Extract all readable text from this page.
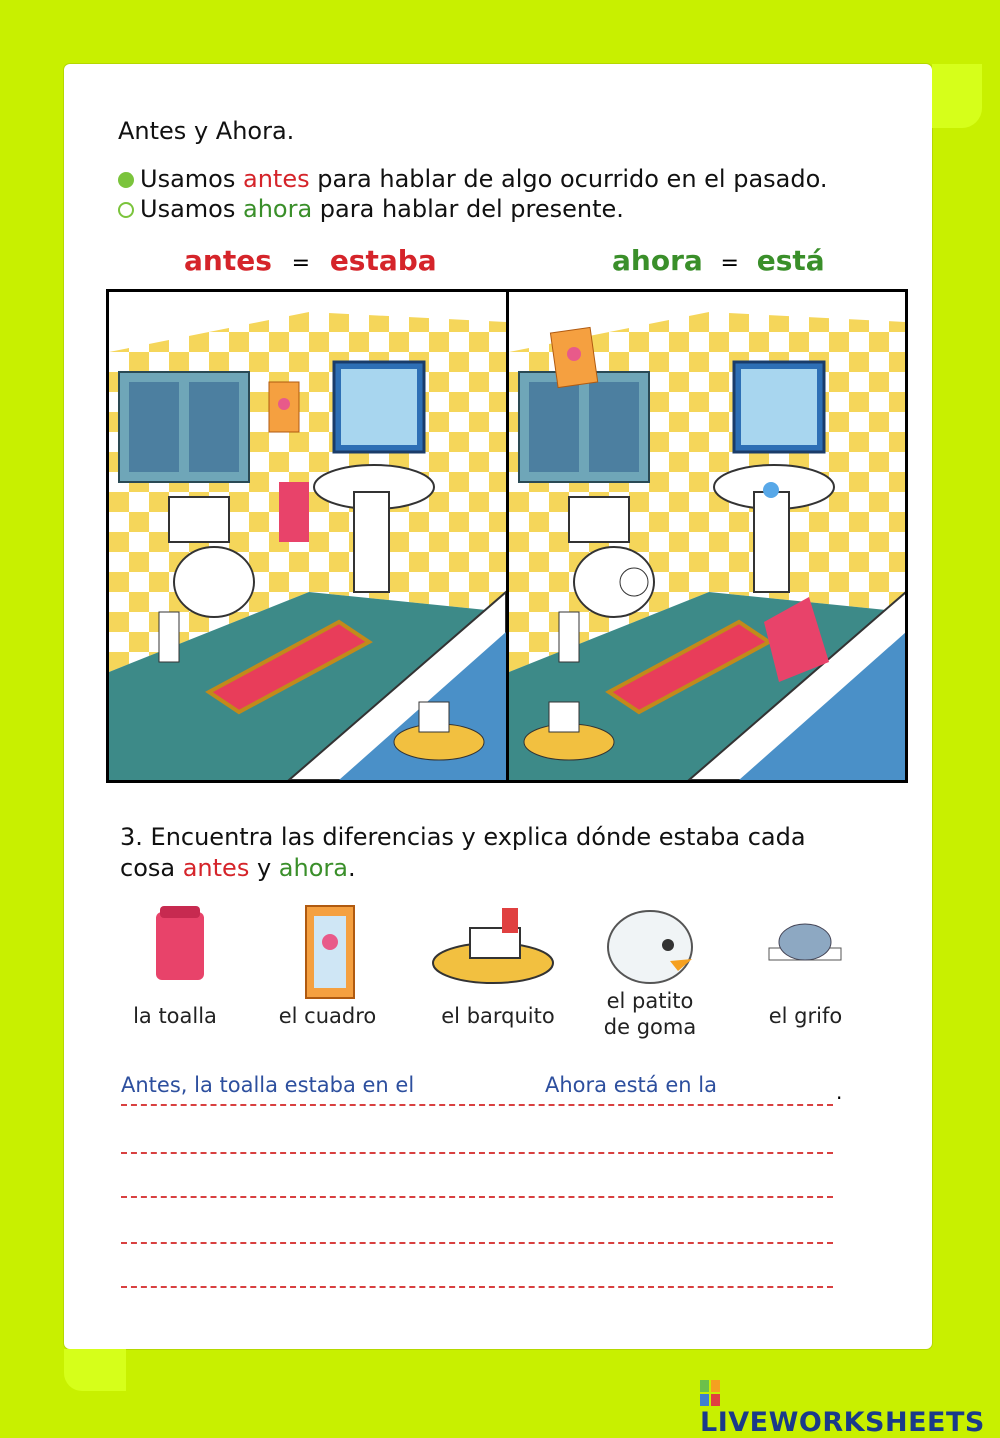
Antes y Ahora.
Usamos antes para hablar de algo ocurrido en el pasado.
Usamos ahora para hablar del presente.
antes = estaba	ahora = está
3. Encuentra las diferencias y explica dónde estaba cada
cosa antes y ahora.
la toalla	el cuadro	el barquito
el patito de goma	el grifo
Antes, la toalla estaba en el	Ahora está en la	.
LIVEWORKSHEETS
